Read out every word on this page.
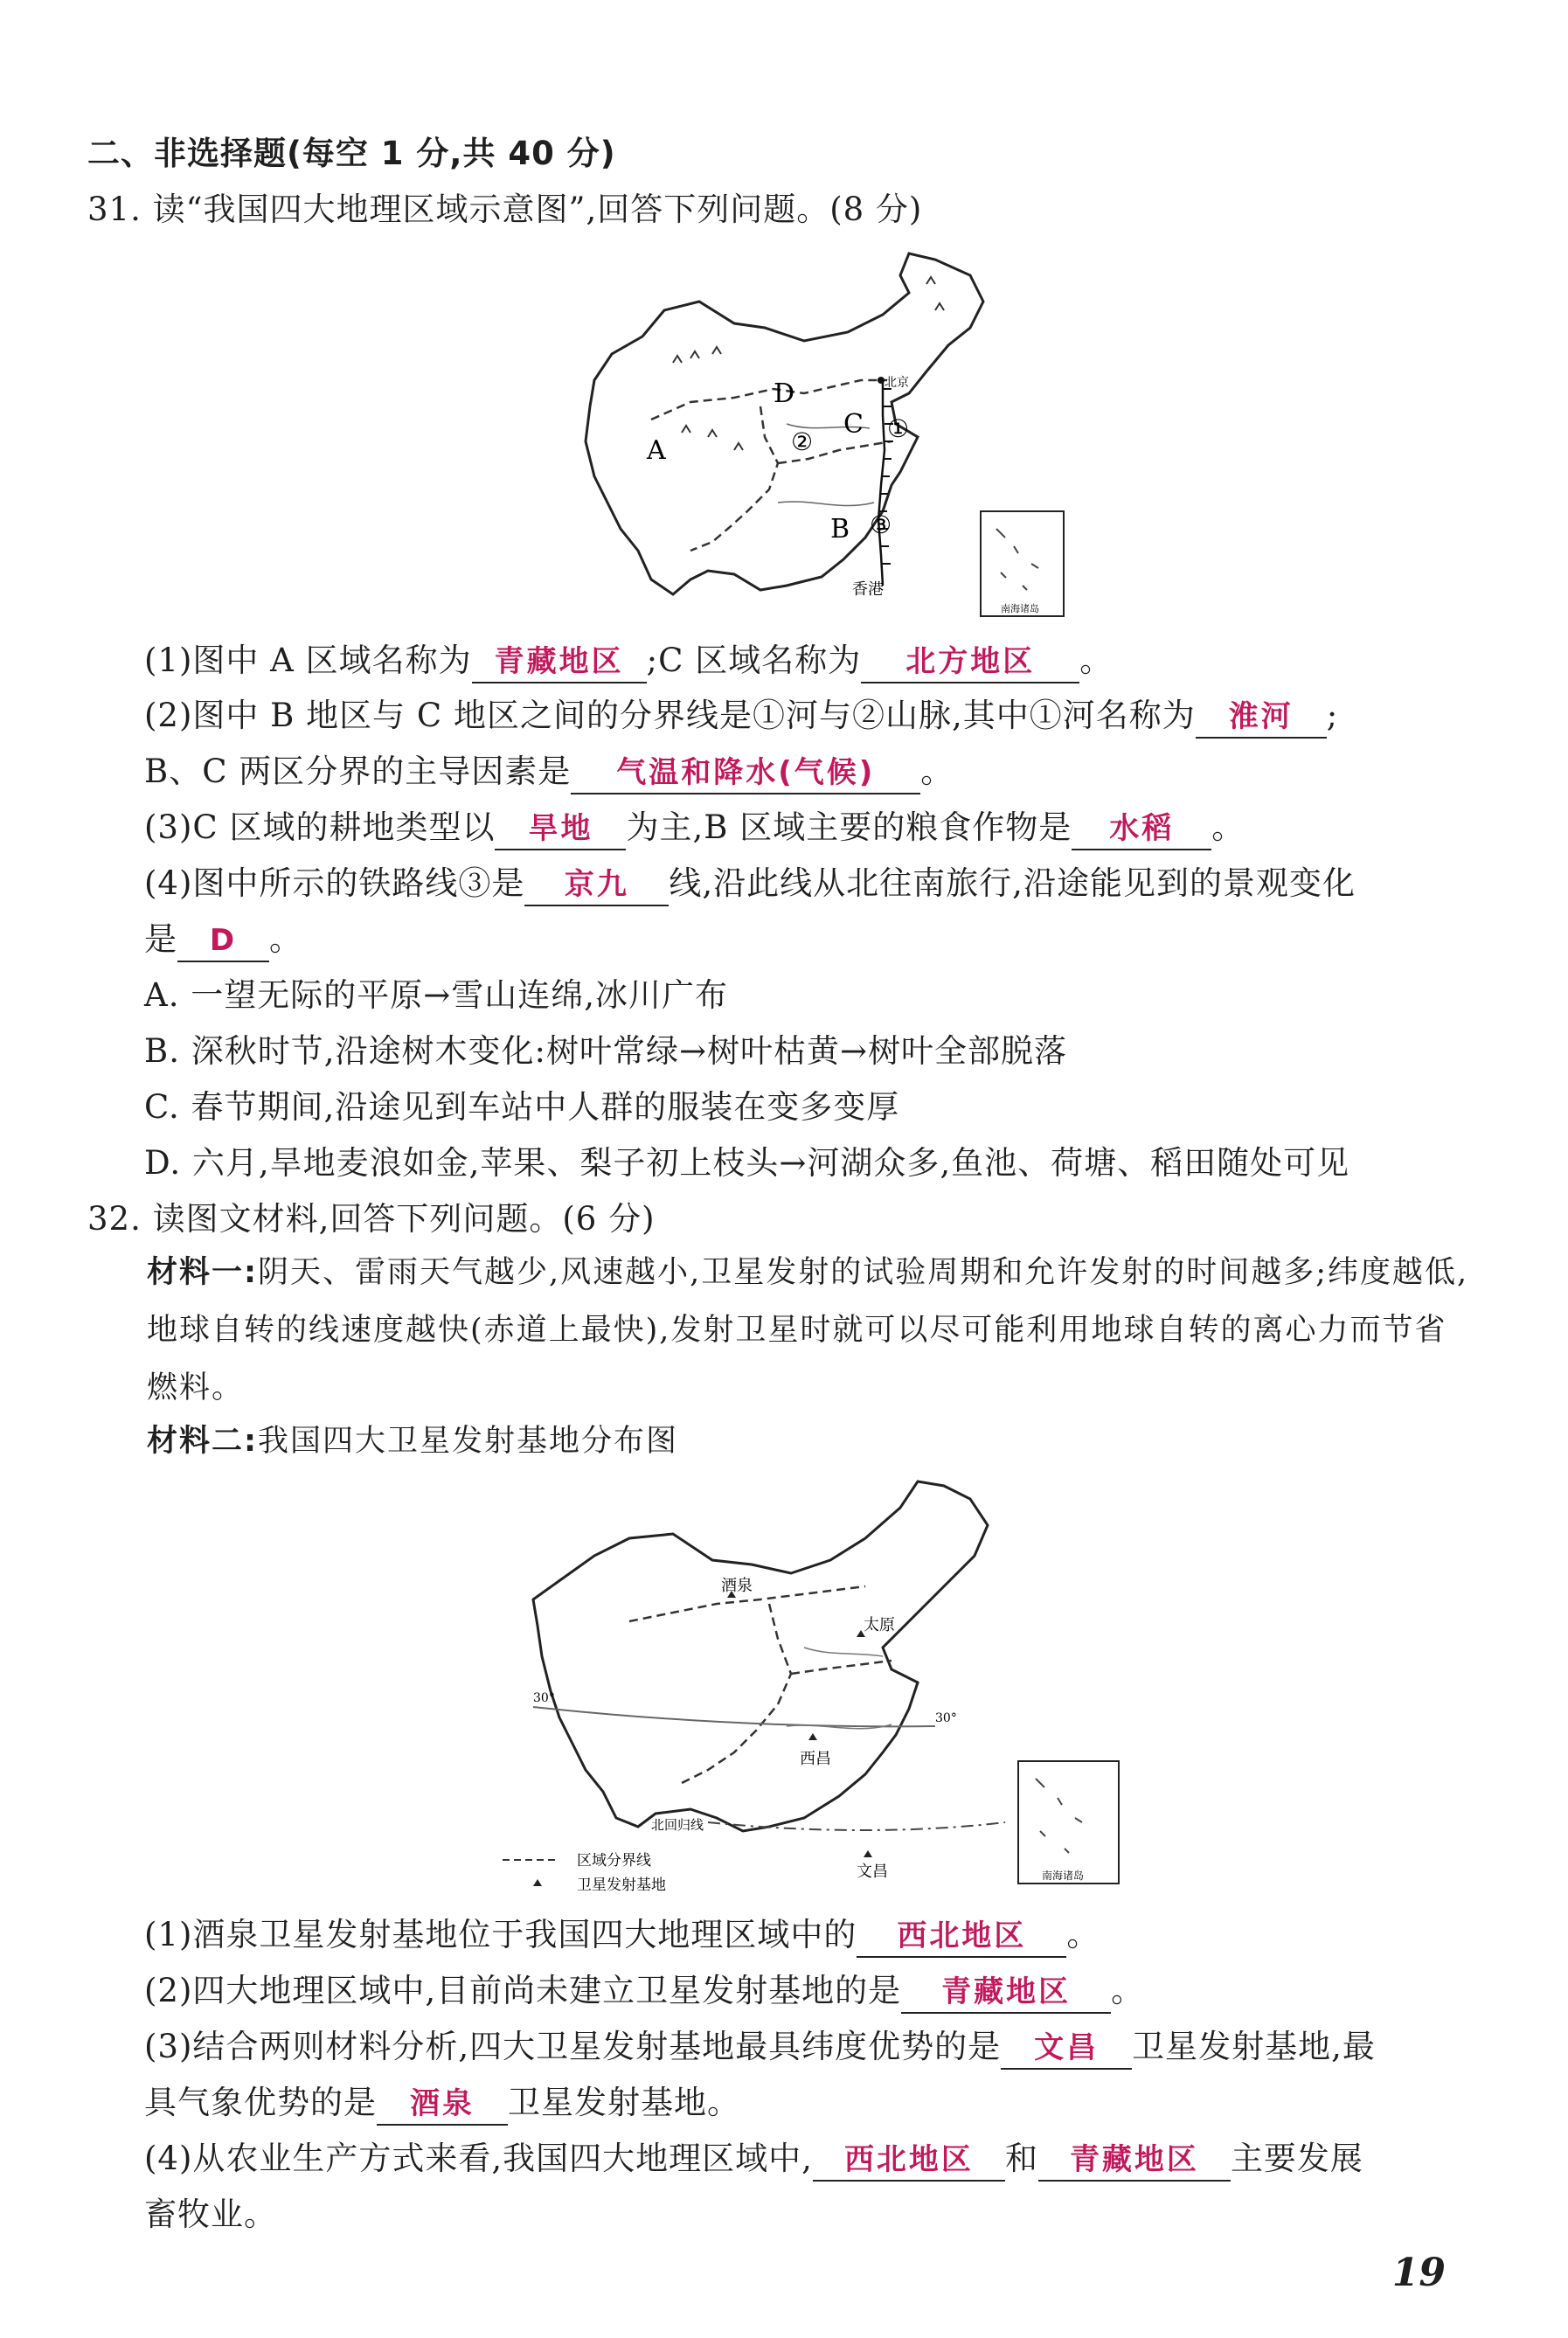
二、非选择题(每空 1 分,共 40 分)
31. 读“我国四大地理区域示意图”,回答下列问题。(8 分)
A
B
C
D
①
②
③
北京
香港
南海诸岛
(1)图中 A 区域名称为 青藏地区 ;C 区域名称为 北方地区 。
(2)图中 B 地区与 C 地区之间的分界线是①河与②山脉,其中①河名称为 淮河 ;
B、C 两区分界的主导因素是 气温和降水(气候) 。
(3)C 区域的耕地类型以 旱地 为主,B 区域主要的粮食作物是 水稻 。
(4)图中所示的铁路线③是 京九 线,沿此线从北往南旅行,沿途能见到的景观变化
是 D 。
A. 一望无际的平原→雪山连绵,冰川广布
B. 深秋时节,沿途树木变化:树叶常绿→树叶枯黄→树叶全部脱落
C. 春节期间,沿途见到车站中人群的服装在变多变厚
D. 六月,旱地麦浪如金,苹果、梨子初上枝头→河湖众多,鱼池、荷塘、稻田随处可见
32. 读图文材料,回答下列问题。(6 分)
材料一:阴天、雷雨天气越少,风速越小,卫星发射的试验周期和允许发射的时间越多;纬度越低,地球自转的线速度越快(赤道上最快),发射卫星时就可以尽可能利用地球自转的离心力而节省燃料。
材料二:我国四大卫星发射基地分布图
酒泉
太原
西昌
文昌
30°
30°
北回归线
区域分界线
卫星发射基地
南海诸岛
(1)酒泉卫星发射基地位于我国四大地理区域中的 西北地区 。
(2)四大地理区域中,目前尚未建立卫星发射基地的是 青藏地区 。
(3)结合两则材料分析,四大卫星发射基地最具纬度优势的是 文昌 卫星发射基地,最
具气象优势的是 酒泉 卫星发射基地。
(4)从农业生产方式来看,我国四大地理区域中, 西北地区 和 青藏地区 主要发展
畜牧业。
19
